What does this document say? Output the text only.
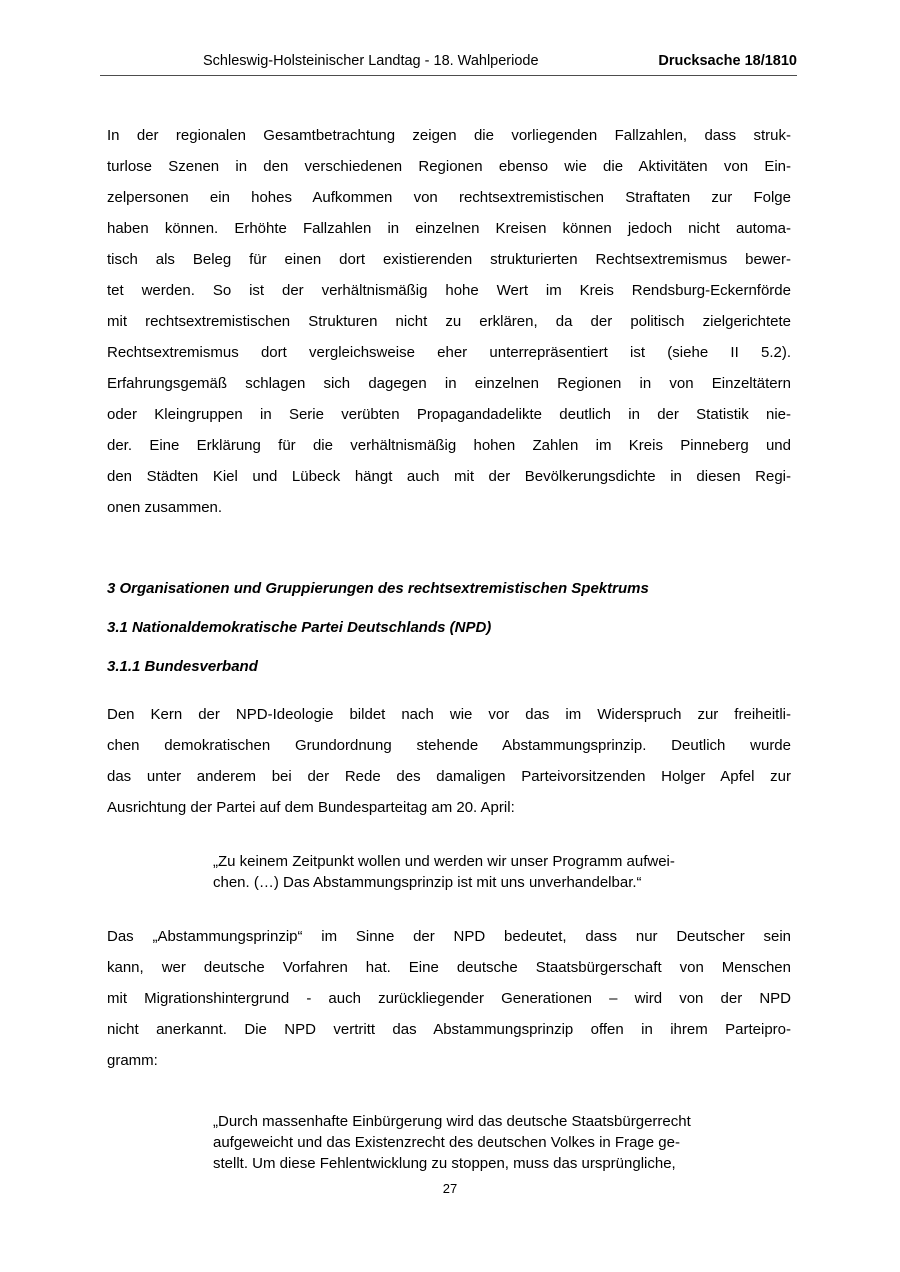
Schleswig-Holsteinischer Landtag - 18. Wahlperiode	Drucksache 18/1810
In der regionalen Gesamtbetrachtung zeigen die vorliegenden Fallzahlen, dass struk-
turlose Szenen in den verschiedenen Regionen ebenso wie die Aktivitäten von Ein-
zelpersonen ein hohes Aufkommen von rechtsextremistischen Straftaten zur Folge
haben können. Erhöhte Fallzahlen in einzelnen Kreisen können jedoch nicht automa-
tisch als Beleg für einen dort existierenden strukturierten Rechtsextremismus bewer-
tet werden. So ist der verhältnismäßig hohe Wert im Kreis Rendsburg-Eckernförde
mit rechtsextremistischen Strukturen nicht zu erklären, da der politisch zielgerichtete
Rechtsextremismus dort vergleichsweise eher unterrepräsentiert ist (siehe II 5.2).
Erfahrungsgemäß schlagen sich dagegen in einzelnen Regionen in von Einzeltätern
oder Kleingruppen in Serie verübten Propagandadelikte deutlich in der Statistik nie-
der. Eine Erklärung für die verhältnismäßig hohen Zahlen im Kreis Pinneberg und
den Städten Kiel und Lübeck hängt auch mit der Bevölkerungsdichte in diesen Regi-
onen zusammen.
3 Organisationen und Gruppierungen des rechtsextremistischen Spektrums
3.1 Nationaldemokratische Partei Deutschlands (NPD)
3.1.1 Bundesverband
Den Kern der NPD-Ideologie bildet nach wie vor das im Widerspruch zur freiheitli-
chen demokratischen Grundordnung stehende Abstammungsprinzip. Deutlich wurde
das unter anderem bei der Rede des damaligen Parteivorsitzenden Holger Apfel zur
Ausrichtung der Partei auf dem Bundesparteitag am 20. April:
„Zu keinem Zeitpunkt wollen und werden wir unser Programm aufwei-
chen. (…) Das Abstammungsprinzip ist mit uns unverhandelbar.“
Das „Abstammungsprinzip“ im Sinne der NPD bedeutet, dass nur Deutscher sein
kann, wer deutsche Vorfahren hat. Eine deutsche Staatsbürgerschaft von Menschen
mit Migrationshintergrund - auch zurückliegender Generationen – wird von der NPD
nicht anerkannt. Die NPD vertritt das Abstammungsprinzip offen in ihrem Parteipro-
gramm:
„Durch massenhafte Einbürgerung wird das deutsche Staatsbürgerrecht
aufgeweicht und das Existenzrecht des deutschen Volkes in Frage ge-
stellt. Um diese Fehlentwicklung zu stoppen, muss das ursprüngliche,
27
